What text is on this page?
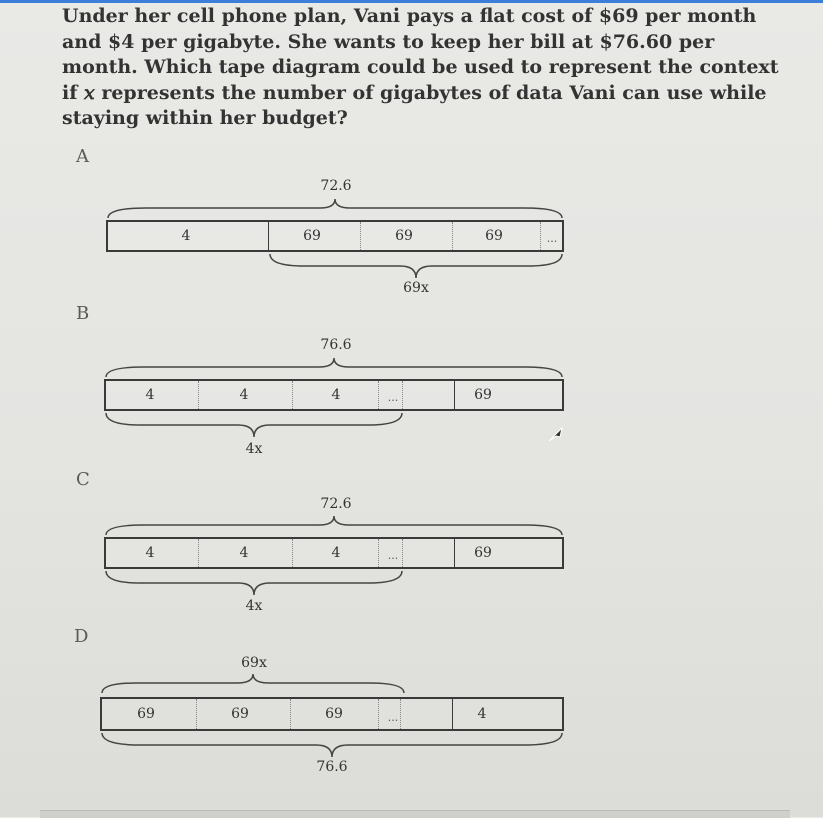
Under her cell phone plan, Vani pays a flat cost of $69 per month and $4 per gigabyte. She wants to keep her bill at $76.60 per month. Which tape diagram could be used to represent the context if 𝑥 represents the number of gigabytes of data Vani can use while staying within her budget?
A
72.6
4	69	69	69	...
69x
B
76.6
4	4	4	...	69
4x
C
72.6
4	4	4	...	69
4x
D
69x
69	69	69	...	4
76.6
